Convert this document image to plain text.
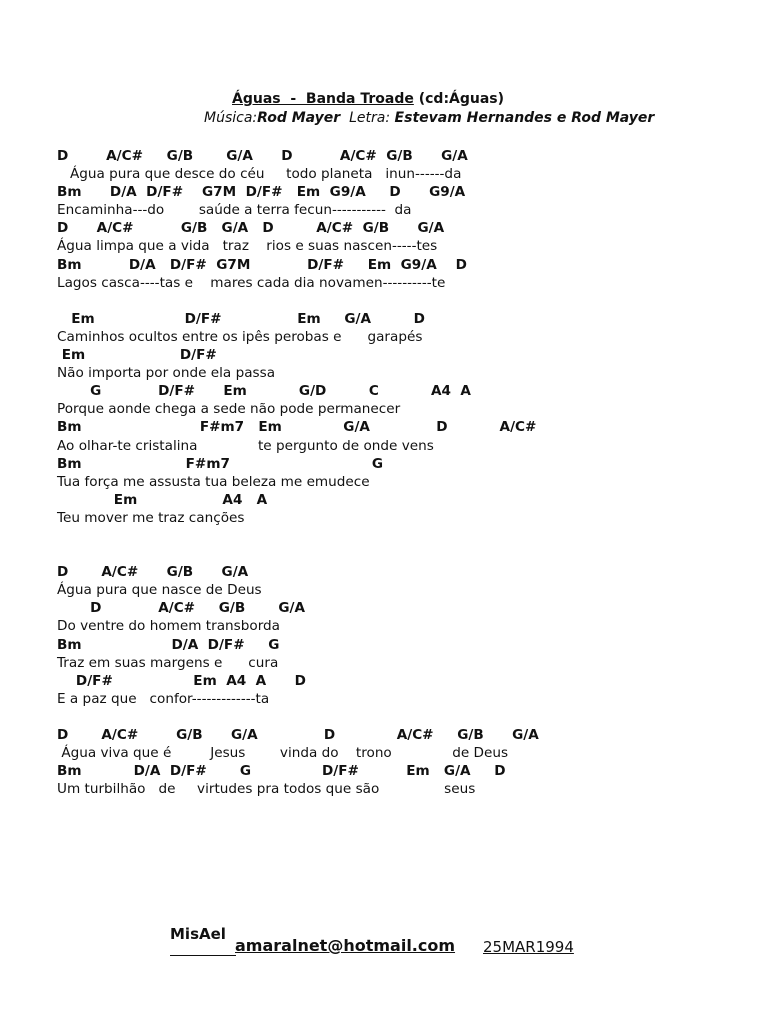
Águas  -  Banda Troade (cd:Águas)
Música:Rod Mayer Letra: Estevam Hernandes e Rod Mayer
D        A/C#     G/B       G/A      D          A/C#  G/B      G/A
Água pura que desce do céu     todo planeta   inun------da
Bm      D/A  D/F#    G7M  D/F#   Em  G9/A     D      G9/A
Encaminha---do        saúde a terra fecun-----------  da
D      A/C#          G/B   G/A   D         A/C#  G/B      G/A
Água limpa que a vida   traz    rios e suas nascen-----tes
Bm          D/A   D/F#  G7M            D/F#     Em  G9/A    D
Lagos casca----tas e    mares cada dia novamen----------te
Em                   D/F#                Em     G/A         D
Caminhos ocultos entre os ipês perobas e      garapés
Em                    D/F#
Não importa por onde ela passa
G            D/F#      Em           G/D         C           A4  A
Porque aonde chega a sede não pode permanecer
Bm                         F#m7   Em             G/A              D           A/C#
Ao olhar-te cristalina              te pergunto de onde vens
Bm                      F#m7                              G
Tua força me assusta tua beleza me emudece
Em                  A4   A
Teu mover me traz canções
D       A/C#      G/B      G/A
Água pura que nasce de Deus
D            A/C#     G/B       G/A
Do ventre do homem transborda
Bm                   D/A  D/F#     G
Traz em suas margens e      cura
D/F#                 Em  A4  A      D
E a paz que   confor-------------ta
D       A/C#        G/B      G/A              D             A/C#     G/B      G/A
Água viva que é         Jesus        vinda do    trono              de Deus
Bm           D/A  D/F#       G               D/F#          Em   G/A     D
Um turbilhão   de     virtudes pra todos que são               seus
MisAel
amaralnet@hotmail.com 25MAR1994
